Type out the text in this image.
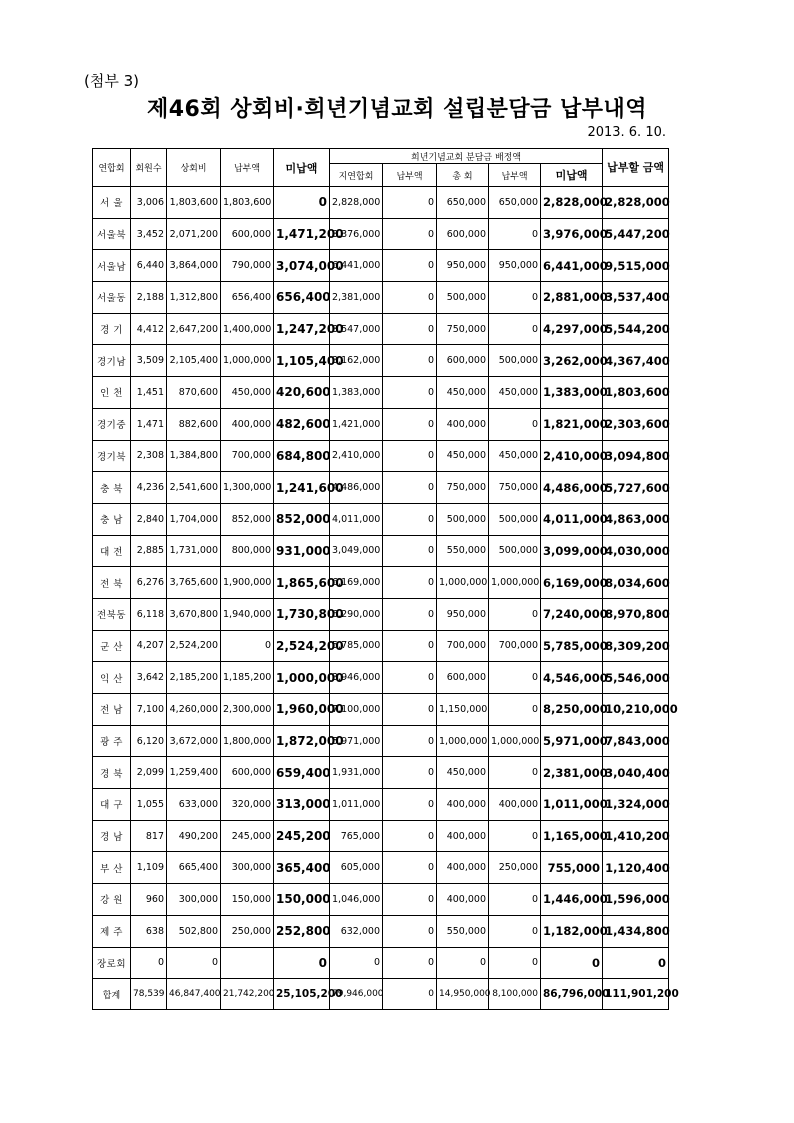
(첨부 3)
제46회 상회비·희년기념교회 설립분담금 납부내역
2013. 6. 10.
연합회	회원수	상회비	납부액	미납액	희년기념교회 분담금 배정액					납부할 금액
					지연합회	납부액	총 회	납부액	미납액	
서 울	3,006	1,803,600	1,803,600	0	2,828,000	0	650,000	650,000	2,828,000	2,828,000
서울북	3,452	2,071,200	600,000	1,471,200	3,376,000	0	600,000	0	3,976,000	5,447,200
서울남	6,440	3,864,000	790,000	3,074,000	6,441,000	0	950,000	950,000	6,441,000	9,515,000
서울동	2,188	1,312,800	656,400	656,400	2,381,000	0	500,000	0	2,881,000	3,537,400
경 기	4,412	2,647,200	1,400,000	1,247,200	3,547,000	0	750,000	0	4,297,000	5,544,200
경기남	3,509	2,105,400	1,000,000	1,105,400	3,162,000	0	600,000	500,000	3,262,000	4,367,400
인 천	1,451	870,600	450,000	420,600	1,383,000	0	450,000	450,000	1,383,000	1,803,600
경기중	1,471	882,600	400,000	482,600	1,421,000	0	400,000	0	1,821,000	2,303,600
경기북	2,308	1,384,800	700,000	684,800	2,410,000	0	450,000	450,000	2,410,000	3,094,800
충 북	4,236	2,541,600	1,300,000	1,241,600	4,486,000	0	750,000	750,000	4,486,000	5,727,600
충 남	2,840	1,704,000	852,000	852,000	4,011,000	0	500,000	500,000	4,011,000	4,863,000
대 전	2,885	1,731,000	800,000	931,000	3,049,000	0	550,000	500,000	3,099,000	4,030,000
전 북	6,276	3,765,600	1,900,000	1,865,600	6,169,000	0	1,000,000	1,000,000	6,169,000	8,034,600
전북동	6,118	3,670,800	1,940,000	1,730,800	6,290,000	0	950,000	0	7,240,000	8,970,800
군 산	4,207	2,524,200	0	2,524,200	5,785,000	0	700,000	700,000	5,785,000	8,309,200
익 산	3,642	2,185,200	1,185,200	1,000,000	3,946,000	0	600,000	0	4,546,000	5,546,000
전 남	7,100	4,260,000	2,300,000	1,960,000	7,100,000	0	1,150,000	0	8,250,000	10,210,000
광 주	6,120	3,672,000	1,800,000	1,872,000	5,971,000	0	1,000,000	1,000,000	5,971,000	7,843,000
경 북	2,099	1,259,400	600,000	659,400	1,931,000	0	450,000	0	2,381,000	3,040,400
대 구	1,055	633,000	320,000	313,000	1,011,000	0	400,000	400,000	1,011,000	1,324,000
경 남	817	490,200	245,000	245,200	765,000	0	400,000	0	1,165,000	1,410,200
부 산	1,109	665,400	300,000	365,400	605,000	0	400,000	250,000	755,000	1,120,400
강 원	960	300,000	150,000	150,000	1,046,000	0	400,000	0	1,446,000	1,596,000
제 주	638	502,800	250,000	252,800	632,000	0	550,000	0	1,182,000	1,434,800
장로회	0	0		0	0	0	0	0	0	0
합계	78,539	46,847,400	21,742,200	25,105,200	79,946,000	0	14,950,000	8,100,000	86,796,000	111,901,200
